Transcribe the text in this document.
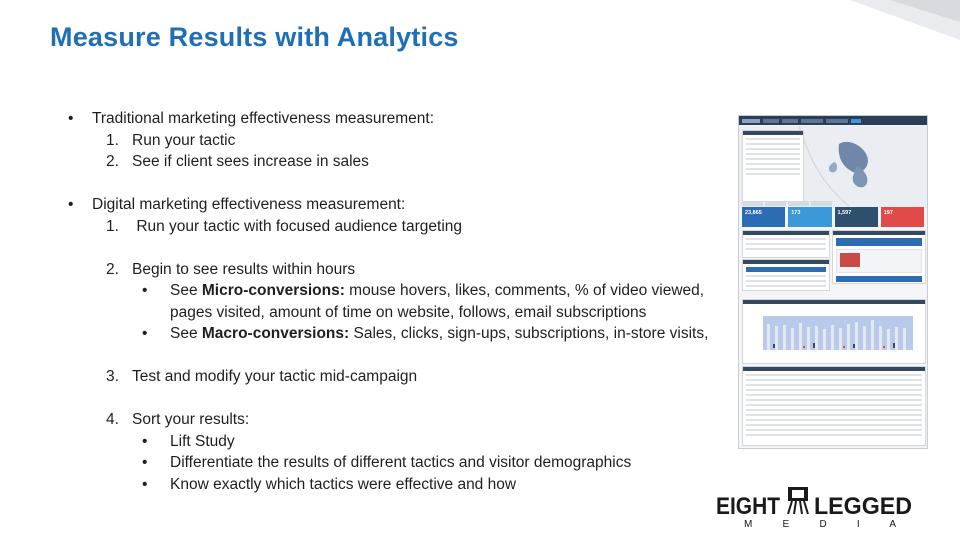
Measure Results with Analytics
• Traditional marketing effectiveness measurement:
1. Run your tactic
2. See if client sees increase in sales
• Digital marketing effectiveness measurement:
1. Run your tactic with focused audience targeting
2. Begin to see results within hours
• See Micro-conversions: mouse hovers, likes, comments, % of video viewed,
pages visited, amount of time on website, follows, email subscriptions
• See Macro-conversions: Sales, clicks, sign-ups, subscriptions, in-store visits,
3. Test and modify your tactic mid-campaign
4. Sort your results:
• Lift Study
• Differentiate the results of different tactics and visitor demographics
• Know exactly which tactics were effective and how
23,865	173	1,597	197
EIGHT LEGGED
M E D I A
